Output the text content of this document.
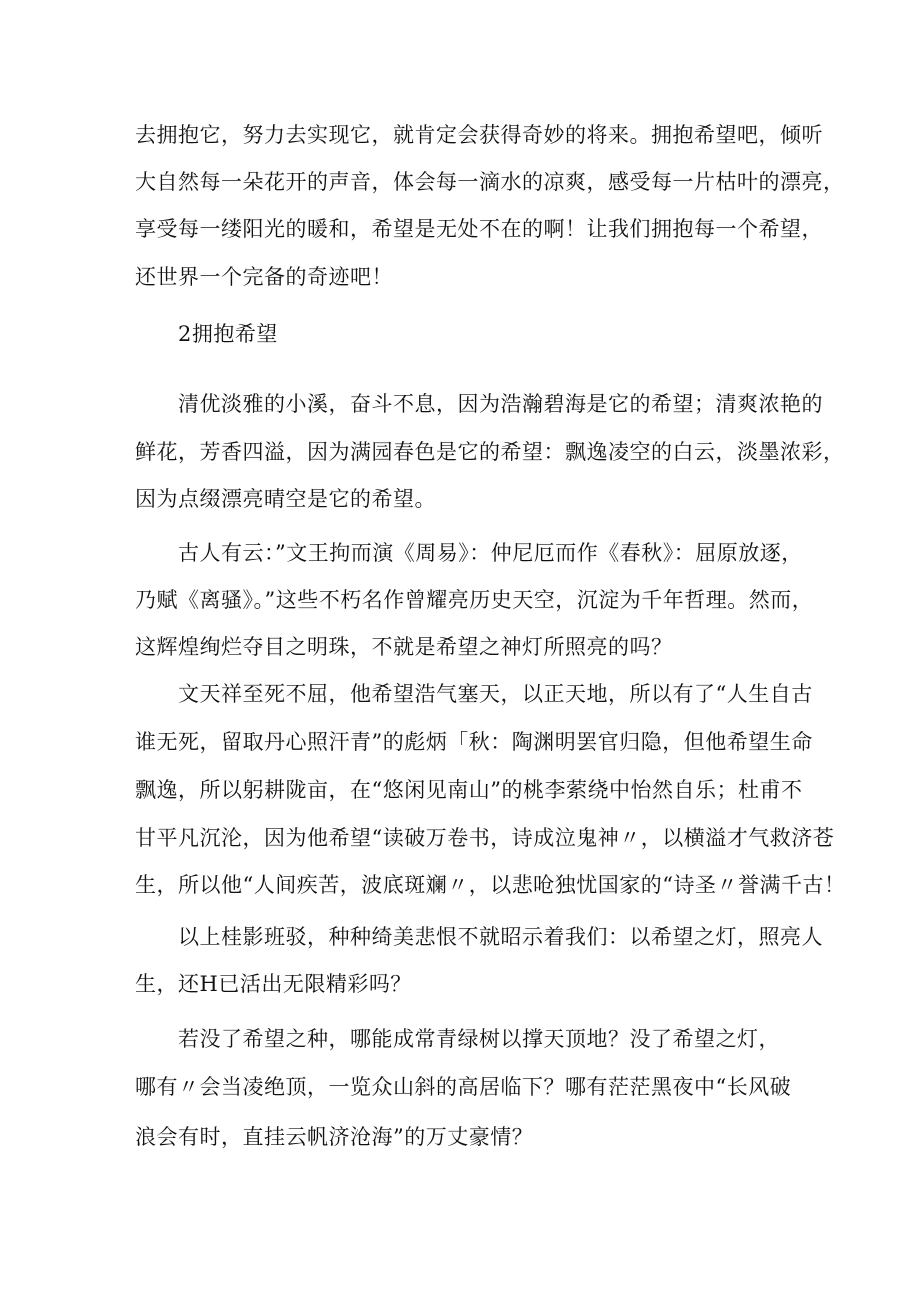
去拥抱它，努力去实现它，就肯定会获得奇妙的将来。拥抱希望吧，倾听
大自然每一朵花开的声音，体会每一滴水的凉爽，感受每一片枯叶的漂亮，
享受每一缕阳光的暖和，希望是无处不在的啊！让我们拥抱每一个希望，
还世界一个完备的奇迹吧！
2拥抱希望
清优淡雅的小溪，奋斗不息，因为浩瀚碧海是它的希望；清爽浓艳的
鲜花，芳香四溢，因为满园春色是它的希望：飘逸凌空的白云，淡墨浓彩，
因为点缀漂亮晴空是它的希望。
古人有云：”文王拘而演《周易》：仲尼厄而作《春秋》：屈原放逐，
乃赋《离骚》。”这些不朽名作曾耀亮历史天空，沉淀为千年哲理。然而，
这辉煌绚烂夺目之明珠，不就是希望之神灯所照亮的吗？
文天祥至死不屈，他希望浩气塞天，以正天地，所以有了“人生自古
谁无死，留取丹心照汗青”的彪炳「秋：陶渊明罢官归隐，但他希望生命
飘逸，所以躬耕陇亩，在“悠闲见南山”的桃李萦绕中怡然自乐；杜甫不
甘平凡沉沦，因为他希望“读破万卷书，诗成泣鬼神〃，以横溢才气救济苍
生，所以他“人间疾苦，波底斑斓〃，以悲呛独忧国家的“诗圣〃誉满千古！
以上桂影班驳，种种绮美悲恨不就昭示着我们：以希望之灯，照亮人
生，还H已活出无限精彩吗？
若没了希望之种，哪能成常青绿树以撑天顶地？没了希望之灯，
哪有〃会当凌绝顶，一览众山斜的高居临下？哪有茫茫黑夜中“长风破
浪会有时，直挂云帆济沧海”的万丈豪情？
